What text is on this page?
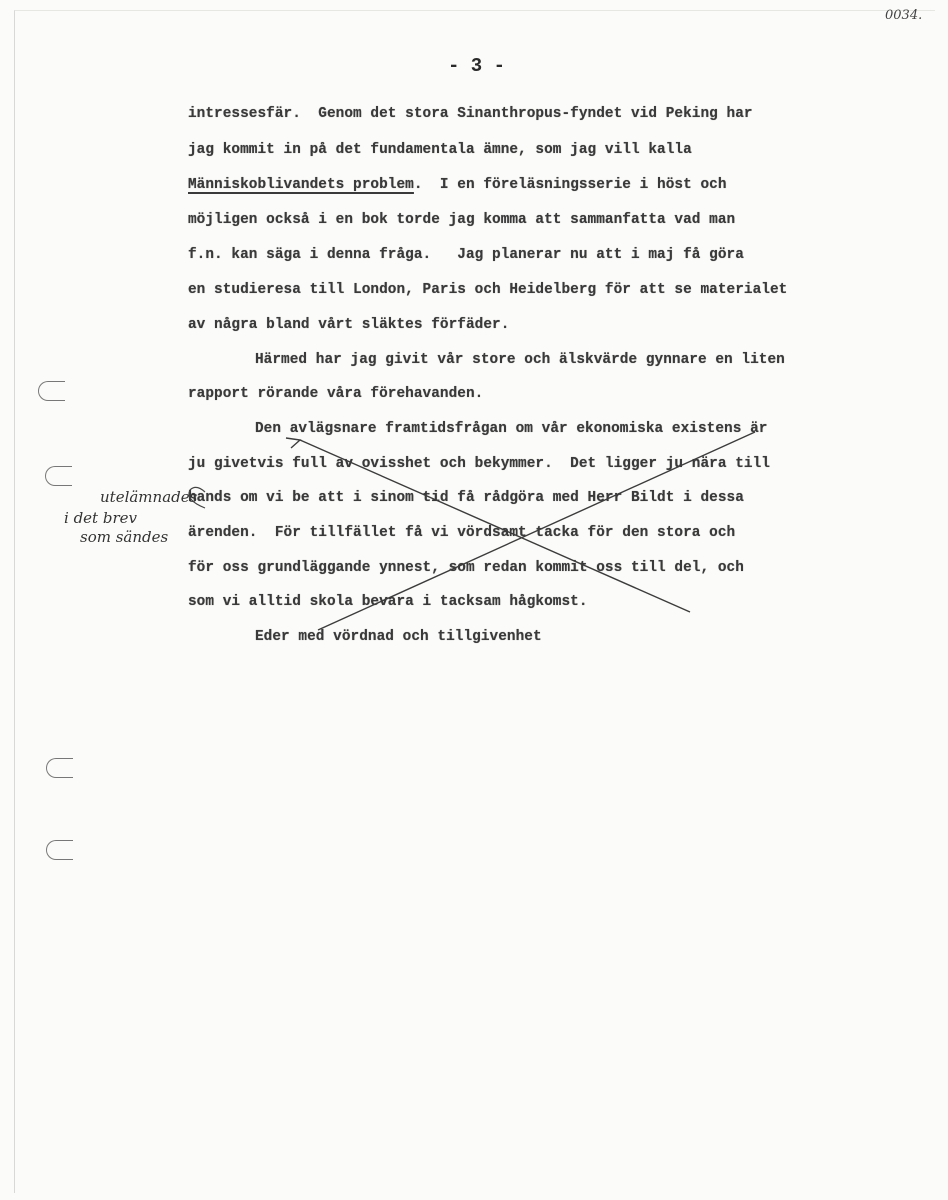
0034.
- 3 -
intressesfär.  Genom det stora Sinanthropus-fyndet vid Peking har
jag kommit in på det fundamentala ämne, som jag vill kalla
Människoblivandets problem.  I en föreläsningsserie i höst och
möjligen också i en bok torde jag komma att sammanfatta vad man
f.n. kan säga i denna fråga.   Jag planerar nu att i maj få göra
en studieresa till London, Paris och Heidelberg för att se materialet
av några bland vårt släktes förfäder.
Härmed har jag givit vår store och älskvärde gynnare en liten
rapport rörande våra förehavanden.
Den avlägsnare framtidsfrågan om vår ekonomiska existens är
ju givetvis full av ovisshet och bekymmer.  Det ligger ju nära till
hands om vi be att i sinom tid få rådgöra med Herr Bildt i dessa
ärenden.  För tillfället få vi vördsamt tacka för den stora och
för oss grundläggande ynnest, som redan kommit oss till del, och
som vi alltid skola bevara i tacksam hågkomst.
Eder med vördnad och tillgivenhet
utelämnades
i det brev
som sändes
